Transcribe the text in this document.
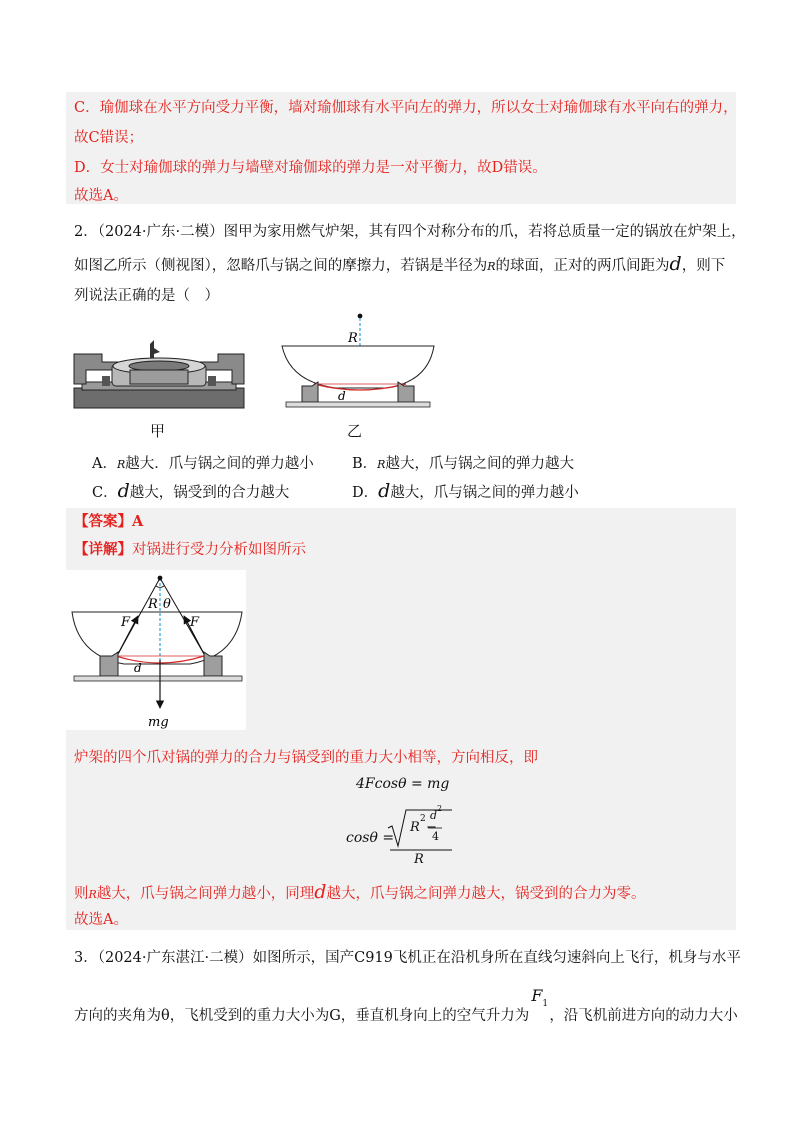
C．瑜伽球在水平方向受力平衡，墙对瑜伽球有水平向左的弹力，所以女士对瑜伽球有水平向右的弹力，
故C错误；
D．女士对瑜伽球的弹力与墙壁对瑜伽球的弹力是一对平衡力，故D错误。
故选A。
2．（2024·广东·二模）图甲为家用燃气炉架，其有四个对称分布的爪，若将总质量一定的锅放在炉架上，
如图乙所示（侧视图），忽略爪与锅之间的摩擦力，若锅是半径为R的球面，正对的两爪间距为d，则下
列说法正确的是（　）
甲
R
d
乙
A．R越大．爪与锅之间的弹力越小	B．R越大，爪与锅之间的弹力越大
C．d越大，锅受到的合力越大	D．d越大，爪与锅之间的弹力越小
【答案】A
【详解】对锅进行受力分析如图所示
R θ
F	F
d
mg
炉架的四个爪对锅的弹力的合力与锅受到的重力大小相等，方向相反，即
4Fcosθ = mg
cosθ =
R
2
−
d
2
4
R
则R越大，爪与锅之间弹力越小，同理d越大，爪与锅之间弹力越大，锅受到的合力为零。
故选A。
3．（2024·广东湛江·二模）如图所示，国产C919飞机正在沿机身所在直线匀速斜向上飞行，机身与水平
方向的夹角为θ，飞机受到的重力大小为G，垂直机身向上的空气升力为
F 1
，沿飞机前进方向的动力大小
